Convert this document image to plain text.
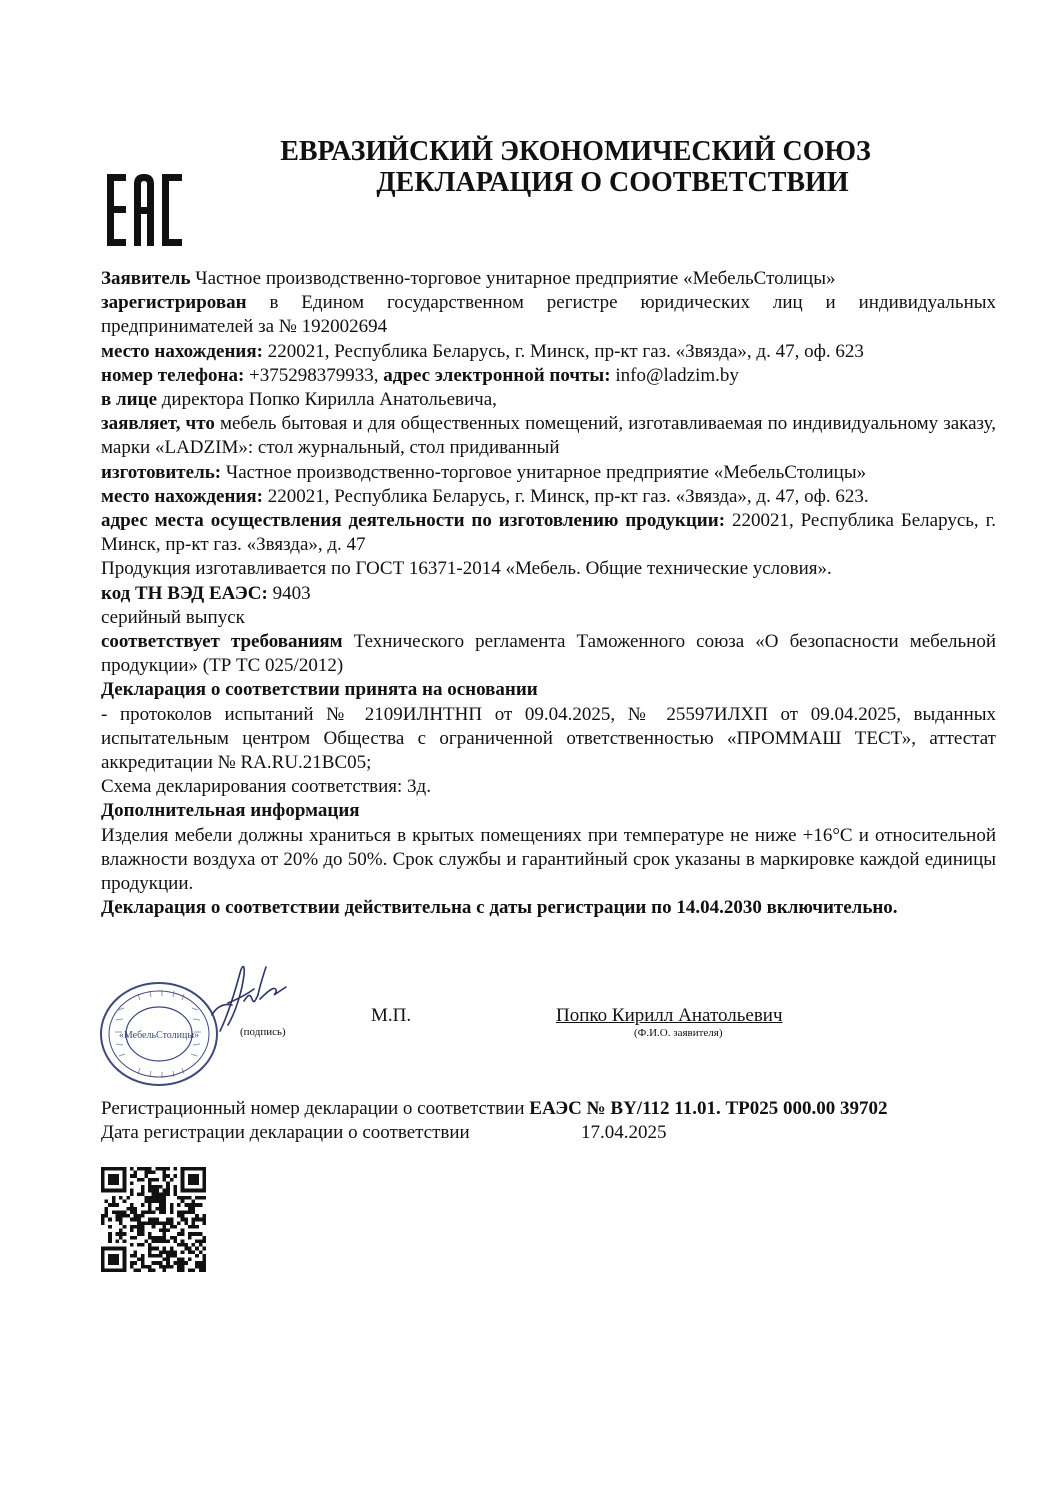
ЕВРАЗИЙСКИЙ ЭКОНОМИЧЕСКИЙ СОЮЗ
ДЕКЛАРАЦИЯ О СООТВЕТСТВИИ

Заявитель Частное производственно-торговое унитарное предприятие «МебельСтолицы»

зарегистрирован в Едином государственном регистре юридических лиц и индивидуальных предпринимателей за № 192002694

место нахождения: 220021, Республика Беларусь, г. Минск, пр-кт газ. «Звязда», д. 47, оф. 623

номер телефона: +375298379933, адрес электронной почты: info@ladzim.by

в лице директора Попко Кирилла Анатольевича,

заявляет, что мебель бытовая и для общественных помещений, изготавливаемая по индивидуальному заказу, марки «LADZIM»: стол журнальный, стол придиванный

изготовитель: Частное производственно-торговое унитарное предприятие «МебельСтолицы»

место нахождения: 220021, Республика Беларусь, г. Минск, пр-кт газ. «Звязда», д. 47, оф. 623.

адрес места осуществления деятельности по изготовлению продукции: 220021, Республика Беларусь, г. Минск, пр-кт газ. «Звязда», д. 47

Продукция изготавливается по ГОСТ 16371-2014 «Мебель. Общие технические условия».

код ТН ВЭД ЕАЭС: 9403

серийный выпуск

соответствует требованиям Технического регламента Таможенного союза «О безопасности мебельной продукции» (ТР ТС 025/2012)

Декларация о соответствии принята на основании

- протоколов испытаний № 2109ИЛНТНП от 09.04.2025, № 25597ИЛХП от 09.04.2025, выданных испытательным центром Общества с ограниченной ответственностью «ПРОММАШ ТЕСТ», аттестат аккредитации № RA.RU.21ВС05;

Схема декларирования соответствия: 3д.

Дополнительная информация

Изделия мебели должны храниться в крытых помещениях при температуре не ниже +16°С и относительной влажности воздуха от 20% до 50%. Срок службы и гарантийный срок указаны в маркировке каждой единицы продукции.

Декларация о соответствии действительна с даты регистрации по 14.04.2030 включительно.

«МебельСтолицы»	(подпись)
М.П.	Попко Кирилл Анатольевич
(Ф.И.О. заявителя)
Регистрационный номер декларации о соответствии ЕАЭС № BY/112 11.01. ТР025 000.00 39702
Дата регистрации декларации о соответствии	17.04.2025
